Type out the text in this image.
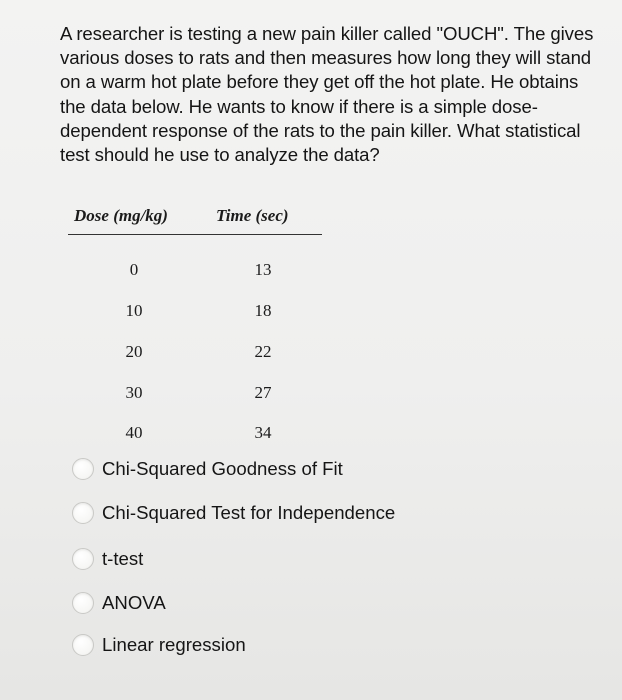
A researcher is testing a new pain killer called "OUCH". The gives various doses to rats and then measures how long they will stand on a warm hot plate before they get off the hot plate. He obtains the data below. He wants to know if there is a simple dose-dependent response of the rats to the pain killer. What statistical test should he use to analyze the data?

Dose (mg/kg)	Time (sec)
0	13
10	18
20	22
30	27
40	34
Chi-Squared Goodness of Fit
Chi-Squared Test for Independence
t-test
ANOVA
Linear regression
